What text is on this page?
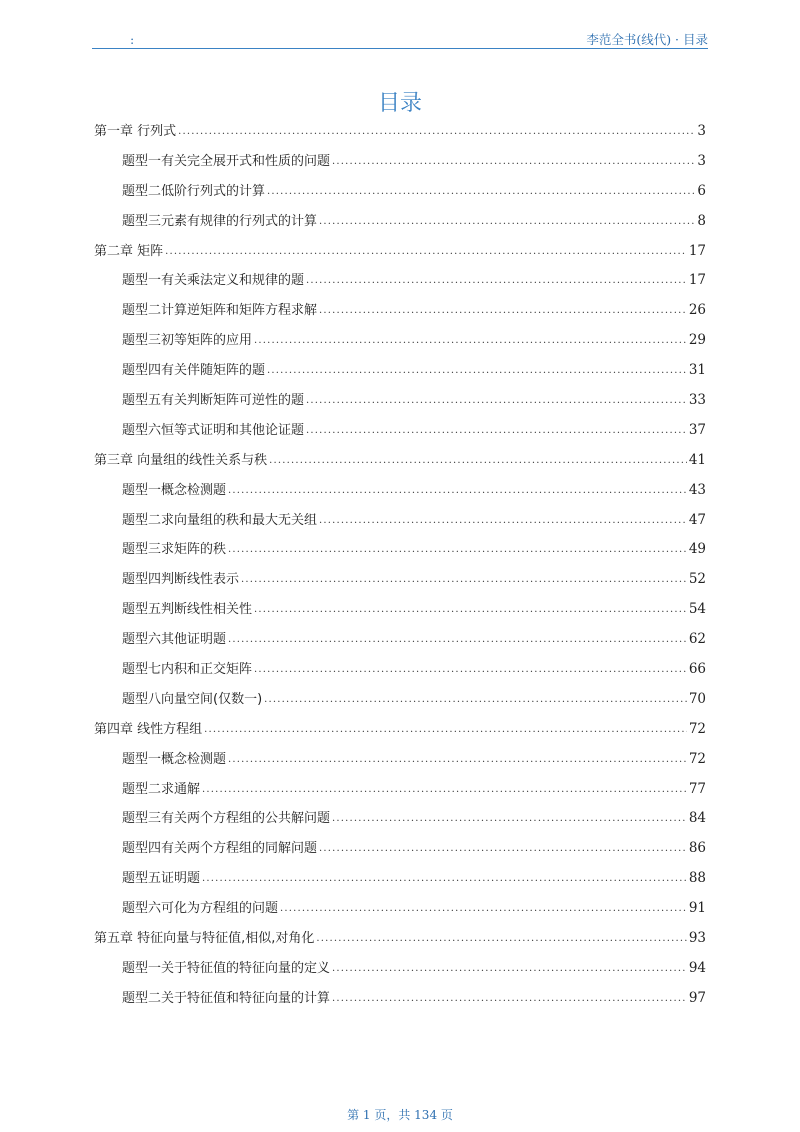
:	李范全书(线代) · 目录
目录
第一章 行列式 .....	3
题型一有关完全展开式和性质的问题 .....	3
题型二低阶行列式的计算 .....	6
题型三元素有规律的行列式的计算 .....	8
第二章 矩阵 .....	17
题型一有关乘法定义和规律的题 .....	17
题型二计算逆矩阵和矩阵方程求解 .....	26
题型三初等矩阵的应用 .....	29
题型四有关伴随矩阵的题 .....	31
题型五有关判断矩阵可逆性的题 .....	33
题型六恒等式证明和其他论证题 .....	37
第三章 向量组的线性关系与秩 .....	41
题型一概念检测题 .....	43
题型二求向量组的秩和最大无关组 .....	47
题型三求矩阵的秩 .....	49
题型四判断线性表示 .....	52
题型五判断线性相关性 .....	54
题型六其他证明题 .....	62
题型七内积和正交矩阵 .....	66
题型八向量空间(仅数一) .....	70
第四章 线性方程组 .....	72
题型一概念检测题 .....	72
题型二求通解 .....	77
题型三有关两个方程组的公共解问题 .....	84
题型四有关两个方程组的同解问题 .....	86
题型五证明题 .....	88
题型六可化为方程组的问题 .....	91
第五章 特征向量与特征值,相似,对角化 .....	93
题型一关于特征值的特征向量的定义 .....	94
题型二关于特征值和特征向量的计算 .....	97
第 1 页，共 134 页
